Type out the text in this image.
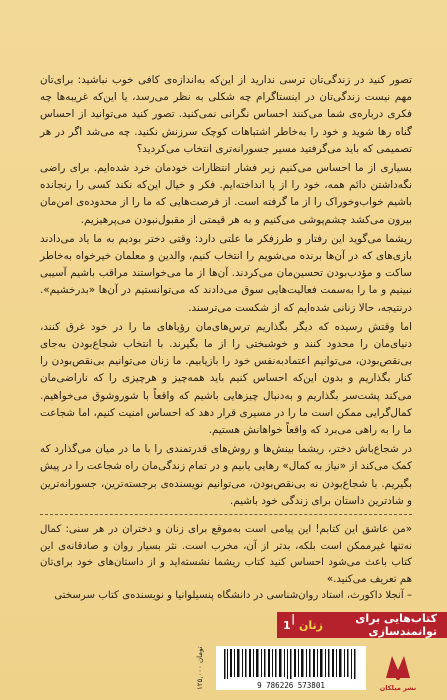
تصور کنید در زندگی‌تان ترسی ندارید از این‌که به‌اندازه‌ی کافی خوب نباشید: برای‌تان مهم نیست زندگی‌تان در اینستاگرام چه شکلی به نظر می‌رسد، یا این‌که غریبه‌ها چه فکری درباره‌ی شما می‌کنند احساس نگرانی نمی‌کنید. تصور کنید می‌توانید از احساس گناه رها شوید و خود را به‌خاطر اشتباهات کوچک سرزنش نکنید. چه می‌شد اگر در هر تصمیمی که باید می‌گرفتید مسیر جسورانه‌تری انتخاب می‌کردید؟

بسیاری از ما احساس می‌کنیم زیر فشار انتظارات خودمان خرد شده‌ایم. برای راضی نگه‌داشتن دائم همه، خود را از پا انداخته‌ایم. فکر و خیال این‌که نکند کسی را رنجانده باشیم خواب‌وخوراک را از ما گرفته است. از فرصت‌هایی که ما را از محدوده‌ی امن‌مان بیرون می‌کشد چشم‌پوشی می‌کنیم و به هر قیمتی از مقبول‌نبودن می‌پرهیزیم.

ریشما می‌گوید این رفتار و طرزفکر ما علتی دارد: وقتی دختر بودیم به ما یاد می‌دادند بازی‌های که در آن‌ها برنده می‌شویم را انتخاب کنیم، والدین و معلمان خیرخواه به‌خاطر ساکت و مؤدب‌بودن تحسین‌مان می‌کردند. آن‌ها از ما می‌خواستند مراقب باشیم آسیبی نبینیم و ما را به‌سمت فعالیت‌هایی سوق می‌دادند که می‌توانستیم در آن‌ها «بدرخشیم». درنتیجه، حالا زنانی شده‌ایم که از شکست می‌ترسند.

اما وقتش رسیده که دیگر بگذاریم ترس‌های‌مان رؤیاهای ما را در خود غرق کنند، دنیای‌مان را محدود کنند و خوشبختی را از ما بگیرند. با انتخاب شجاع‌بودن به‌جای بی‌نقص‌بودن، می‌توانیم اعتمادبه‌نفس خود را بازیابیم. ما زنان می‌توانیم بی‌نقص‌بودن را کنار بگذاریم و بدون این‌که احساس کنیم باید همه‌چیز و هرچیزی را که ناراضی‌مان می‌کند پشت‌سر بگذاریم و به‌دنبال چیزهایی باشیم که واقعاً با شوروشوق می‌خواهیم. کمال‌گرایی ممکن است ما را در مسیری قرار دهد که احساس امنیت کنیم، اما شجاعت ما را به راهی می‌برد که واقعاً خواهانش هستیم.

در شجاع‌باش دختر، ریشما بینش‌ها و روش‌های قدرتمندی را با ما در میان می‌گذارد که کمک می‌کند از «نیاز به کمال» رهایی یابیم و در تمام زندگی‌مان راه شجاعت را در پیش بگیریم. با شجاع‌بودن نه بی‌نقص‌بودن، می‌توانیم نویسنده‌ی برجسته‌ترین، جسورانه‌ترین و شادترین داستان برای زندگی خود باشیم.

«من عاشق این کتابم! این پیامی است به‌موقع برای زنان و دختران در هر سنی: کمال نه‌تنها غیرممکن است بلکه، بدتر از آن، مخرب است. نثر بسیار روان و صادقانه‌ی این کتاب باعث می‌شود احساس کنید کتاب ریشما نشسته‌اید و از داستان‌های خود برای‌تان هم تعریف می‌کنید.»

– آنجلا داکورث، استاد روان‌شناسی در دانشگاه پنسیلوانیا و نویسنده‌ی کتاب سرسختی

کتاب‌هایی برای توانمندسازی

زنان
|
1
۱۲۵,۰۰۰ تومان
9 786226 573801	نشر میلکان
